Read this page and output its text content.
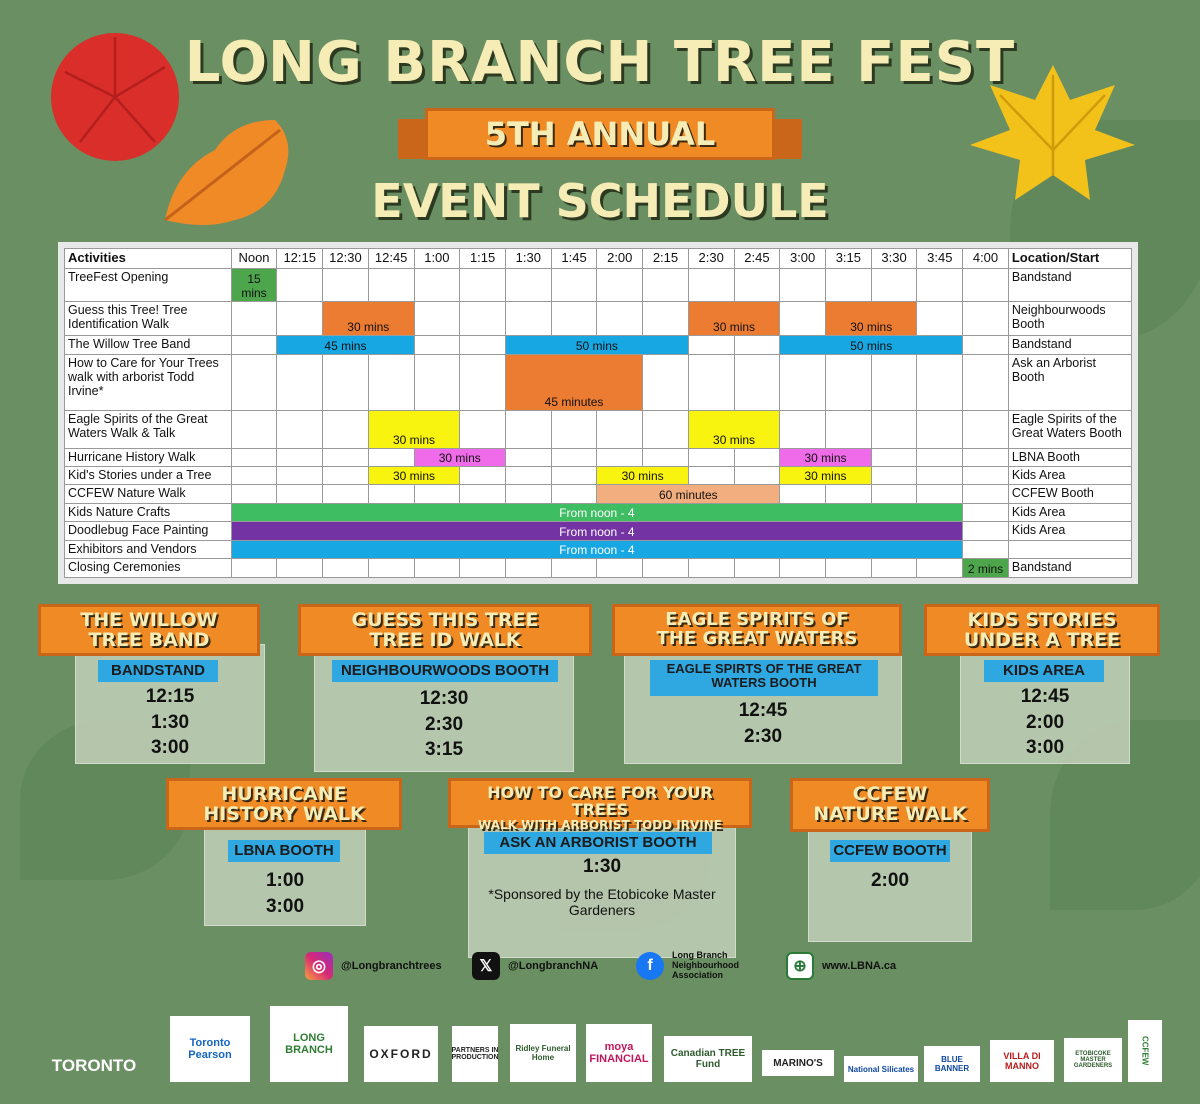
LONG BRANCH TREE FEST
5TH ANNUAL
EVENT SCHEDULE
Activities	Noon	12:15	12:30	12:45	1:00	1:15	1:30	1:45	2:00	2:15	2:30	2:45	3:00	3:15	3:30	3:45	4:00	Location/Start
TreeFest Opening	15 mins																	Bandstand
Guess this Tree! Tree Identification Walk			30 mins								30 mins			30 mins				Neighbourwoods Booth
The Willow Tree Band		45 mins					50 mins						50 mins					Bandstand
How to Care for Your Trees walk with arborist Todd Irvine*							45 minutes											Ask an Arborist Booth
Eagle Spirits of the Great Waters Walk & Talk				30 mins							30 mins							Eagle Spirits of the Great Waters Booth
Hurricane History Walk					30 mins								30 mins					LBNA Booth
Kid's Stories under a Tree				30 mins					30 mins				30 mins					Kids Area
CCFEW Nature Walk									60 minutes									CCFEW Booth
Kids Nature Crafts	From noon - 4																	Kids Area
Doodlebug Face Painting	From noon - 4																	Kids Area
Exhibitors and Vendors	From noon - 4																	
Closing Ceremonies																	2 mins	Bandstand
THE WILLOW TREE BAND
BANDSTAND
12:15
1:30
3:00
GUESS THIS TREE TREE ID WALK
NEIGHBOURWOODS BOOTH
12:30
2:30
3:15
EAGLE SPIRITS OF THE GREAT WATERS
EAGLE SPIRTS OF THE GREAT WATERS BOOTH
12:45
2:30
KIDS STORIES UNDER A TREE
KIDS AREA
12:45
2:00
3:00
HURRICANE HISTORY WALK
LBNA BOOTH
1:00
3:00
HOW TO CARE FOR YOUR TREES
WALK WITH ARBORIST TODD IRVINE
ASK AN ARBORIST BOOTH
1:30
*Sponsored by the Etobicoke Master Gardeners
CCFEW NATURE WALK
CCFEW BOOTH
2:00
◎	@Longbranchtrees	𝕏	@LongbranchNA	f
Long Branch Neighbourhood Association	⊕	www.LBNA.ca
TORONTO
Toronto Pearson
LONG BRANCH	OXFORD	PARTNERS IN PRODUCTION
Ridley Funeral Home
moya FINANCIAL	Canadian TREE Fund	MARINO'S
National Silicates
BLUE BANNER
VILLA DI MANNO
ETOBICOKE MASTER GARDENERS
CCFEW
